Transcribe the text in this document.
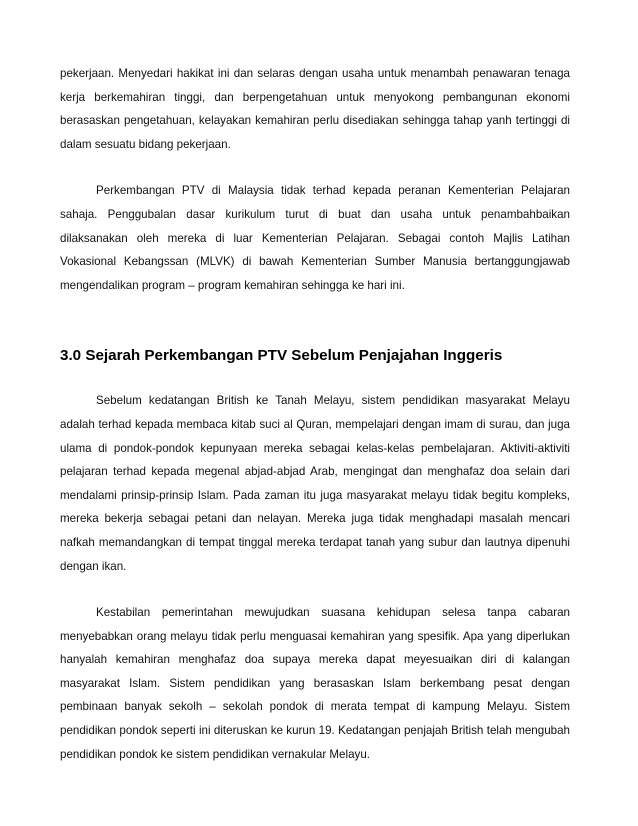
pekerjaan. Menyedari hakikat ini dan selaras dengan usaha untuk menambah penawaran tenaga kerja berkemahiran tinggi, dan berpengetahuan untuk menyokong pembangunan ekonomi berasaskan pengetahuan, kelayakan kemahiran perlu disediakan sehingga tahap yanh tertinggi di dalam sesuatu bidang pekerjaan.

Perkembangan PTV di Malaysia tidak terhad kepada peranan Kementerian Pelajaran sahaja. Penggubalan dasar kurikulum turut di buat dan usaha untuk penambahbaikan dilaksanakan oleh mereka di luar Kementerian Pelajaran. Sebagai contoh Majlis Latihan Vokasional Kebangssan (MLVK) di bawah Kementerian Sumber Manusia bertanggungjawab mengendalikan program – program kemahiran sehingga ke hari ini.

3.0 Sejarah Perkembangan PTV Sebelum Penjajahan Inggeris

Sebelum kedatangan British ke Tanah Melayu, sistem pendidikan masyarakat Melayu adalah terhad kepada membaca kitab suci al Quran, mempelajari dengan imam di surau, dan juga ulama di pondok-pondok kepunyaan mereka sebagai kelas-kelas pembelajaran. Aktiviti-aktiviti pelajaran terhad kepada megenal abjad-abjad Arab, mengingat dan menghafaz doa selain dari mendalami prinsip-prinsip Islam. Pada zaman itu juga masyarakat melayu tidak begitu kompleks, mereka bekerja sebagai petani dan nelayan. Mereka juga tidak menghadapi masalah mencari nafkah memandangkan di tempat tinggal mereka terdapat tanah yang subur dan lautnya dipenuhi dengan ikan.

Kestabilan pemerintahan mewujudkan suasana kehidupan selesa tanpa cabaran menyebabkan orang melayu tidak perlu menguasai kemahiran yang spesifik. Apa yang diperlukan hanyalah kemahiran menghafaz doa supaya mereka dapat meyesuaikan diri di kalangan masyarakat Islam. Sistem pendidikan yang berasaskan Islam berkembang pesat dengan pembinaan banyak sekolh – sekolah pondok di merata tempat di kampung Melayu. Sistem pendidikan pondok seperti ini diteruskan ke kurun 19. Kedatangan penjajah British telah mengubah pendidikan pondok ke sistem pendidikan vernakular Melayu.
